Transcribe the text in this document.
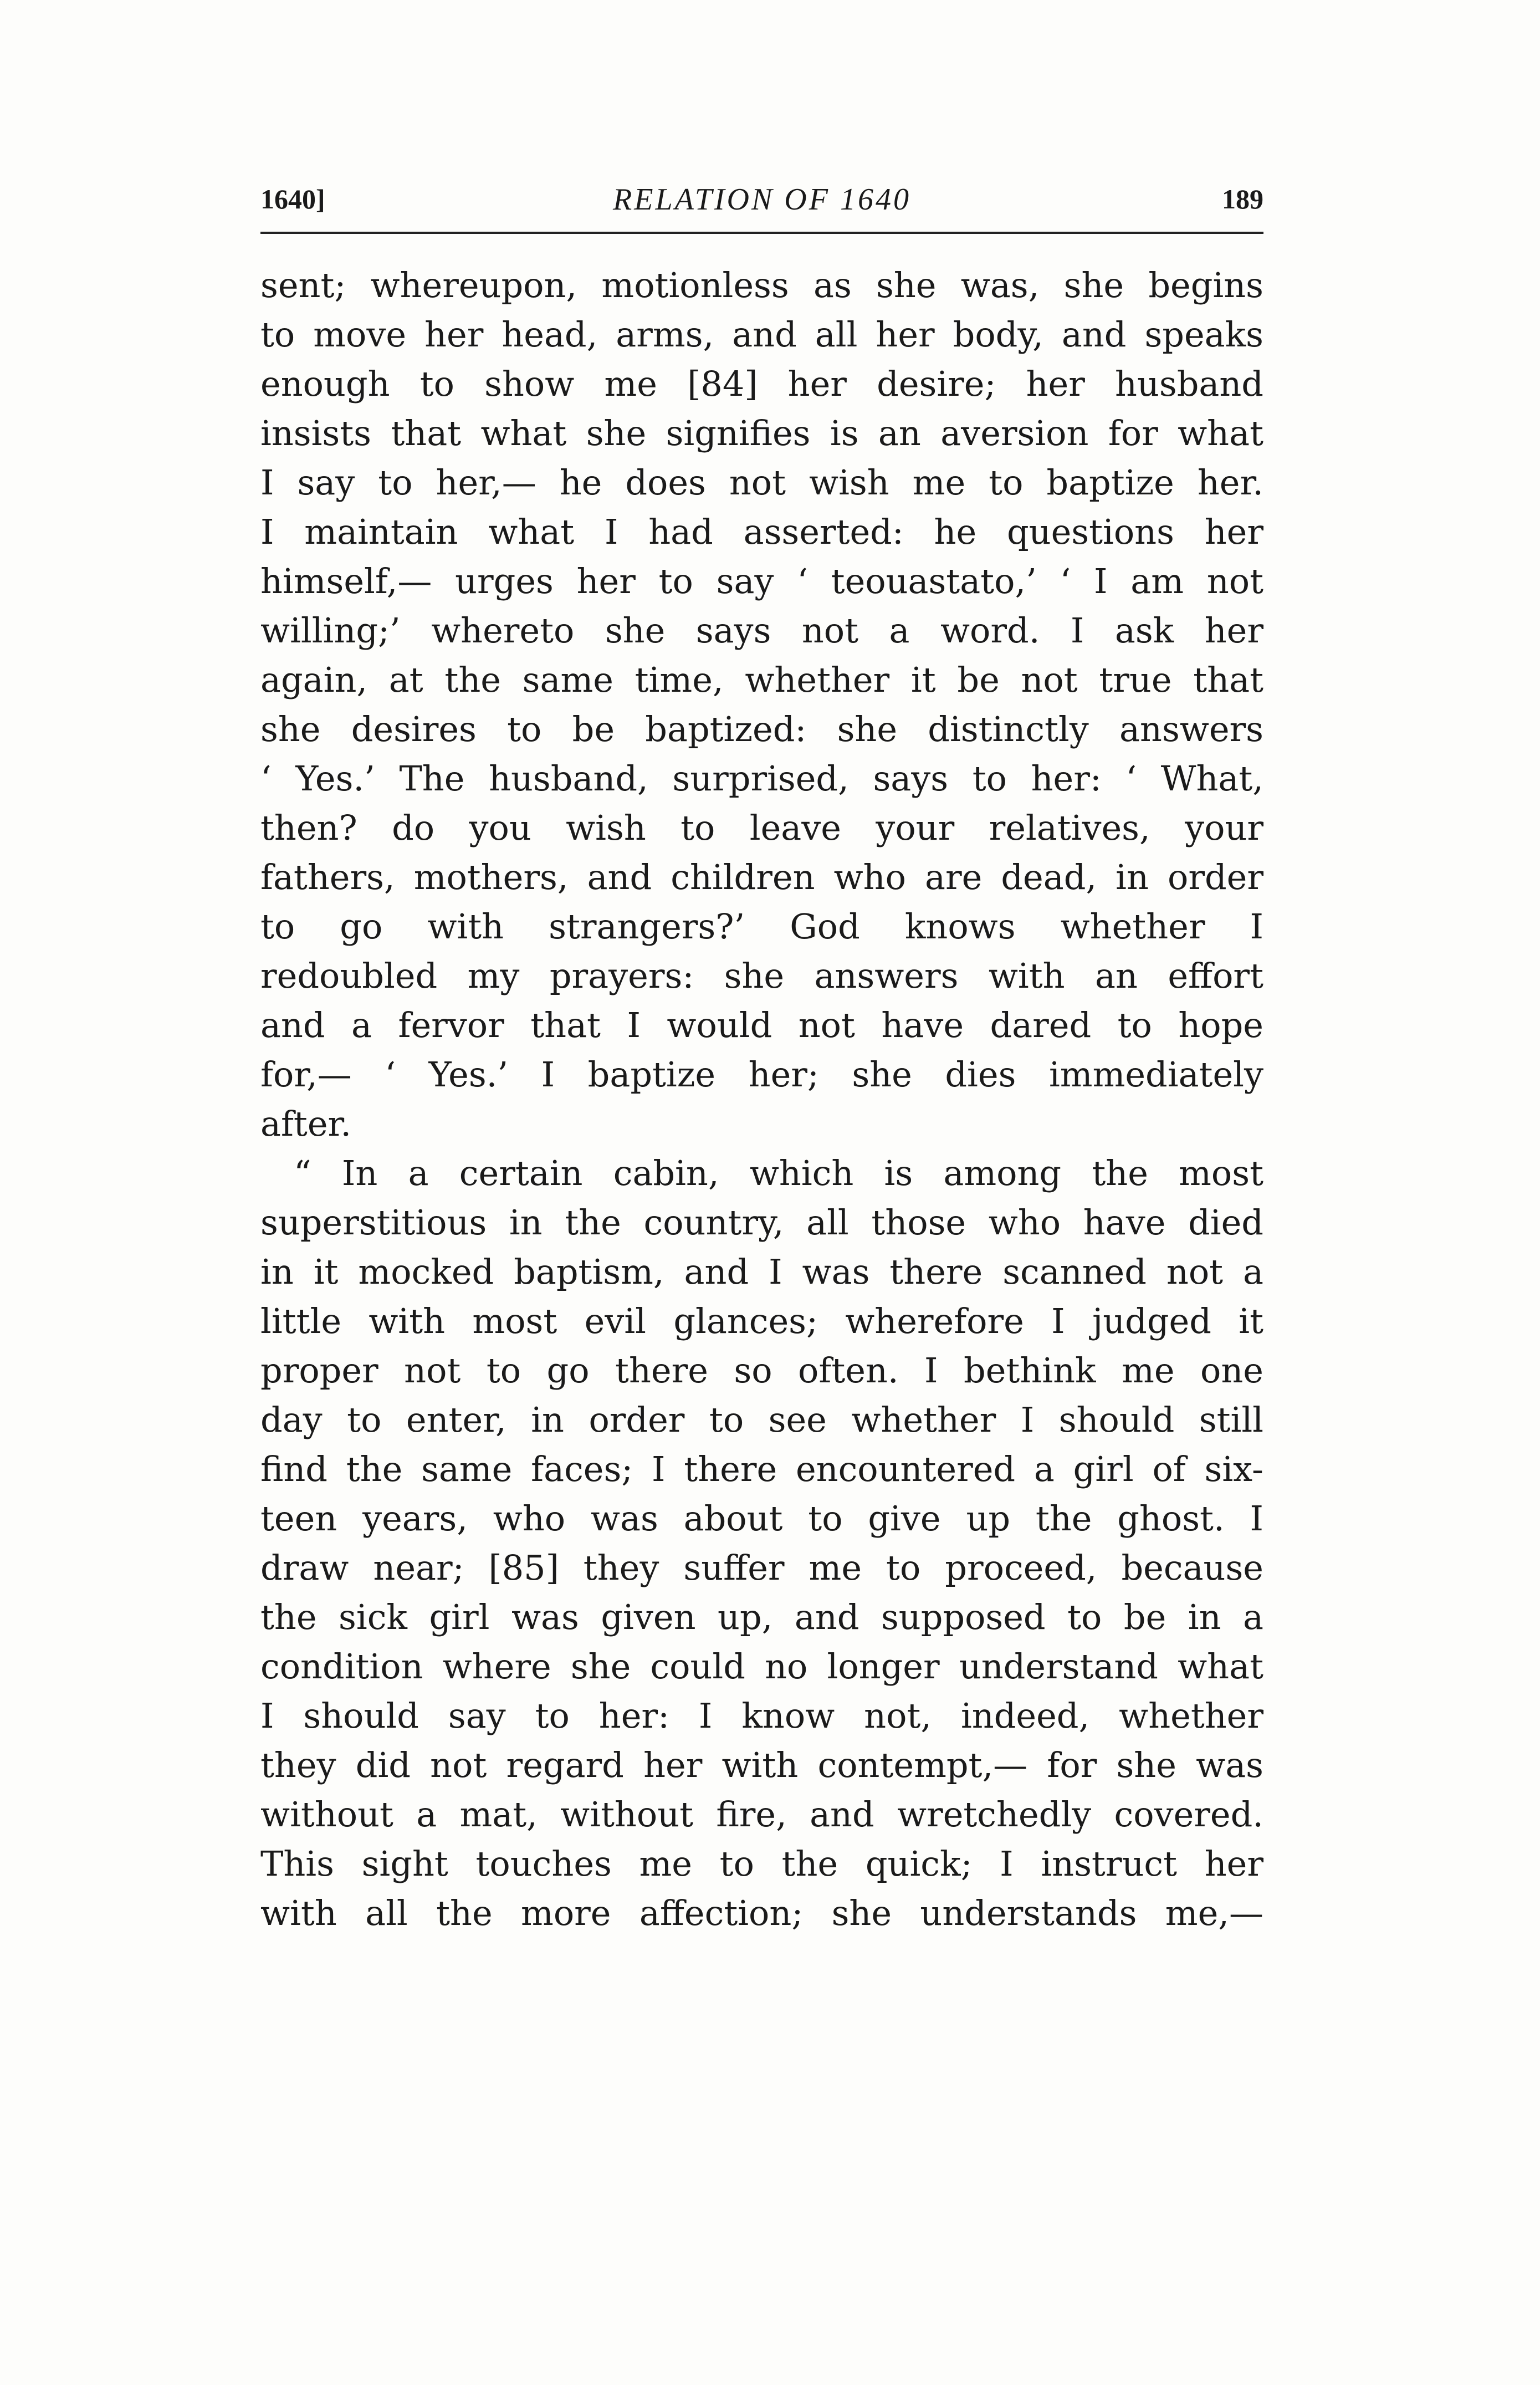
1640]	RELATION OF 1640	189
sent; whereupon, motionless as she was, she begins
to move her head, arms, and all her body, and speaks
enough to show me [84] her desire; her husband
insists that what she signifies is an aversion for what
I say to her,— he does not wish me to baptize her.
I maintain what I had asserted: he questions her
himself,— urges her to say ‘ teouastato,’ ‘ I am not
willing;’ whereto she says not a word. I ask her
again, at the same time, whether it be not true that
she desires to be baptized: she distinctly answers
‘ Yes.’ The husband, surprised, says to her: ‘ What,
then? do you wish to leave your relatives, your
fathers, mothers, and children who are dead, in order
to go with strangers?’ God knows whether I
redoubled my prayers: she answers with an effort
and a fervor that I would not have dared to hope
for,— ‘ Yes.’ I baptize her; she dies immediately
after.
“ In a certain cabin, which is among the most
superstitious in the country, all those who have died
in it mocked baptism, and I was there scanned not a
little with most evil glances; wherefore I judged it
proper not to go there so often. I bethink me one
day to enter, in order to see whether I should still
find the same faces; I there encountered a girl of six-
teen years, who was about to give up the ghost. I
draw near; [85] they suffer me to proceed, because
the sick girl was given up, and supposed to be in a
condition where she could no longer understand what
I should say to her: I know not, indeed, whether
they did not regard her with contempt,— for she was
without a mat, without fire, and wretchedly covered.
This sight touches me to the quick; I instruct her
with all the more affection; she understands me,—
